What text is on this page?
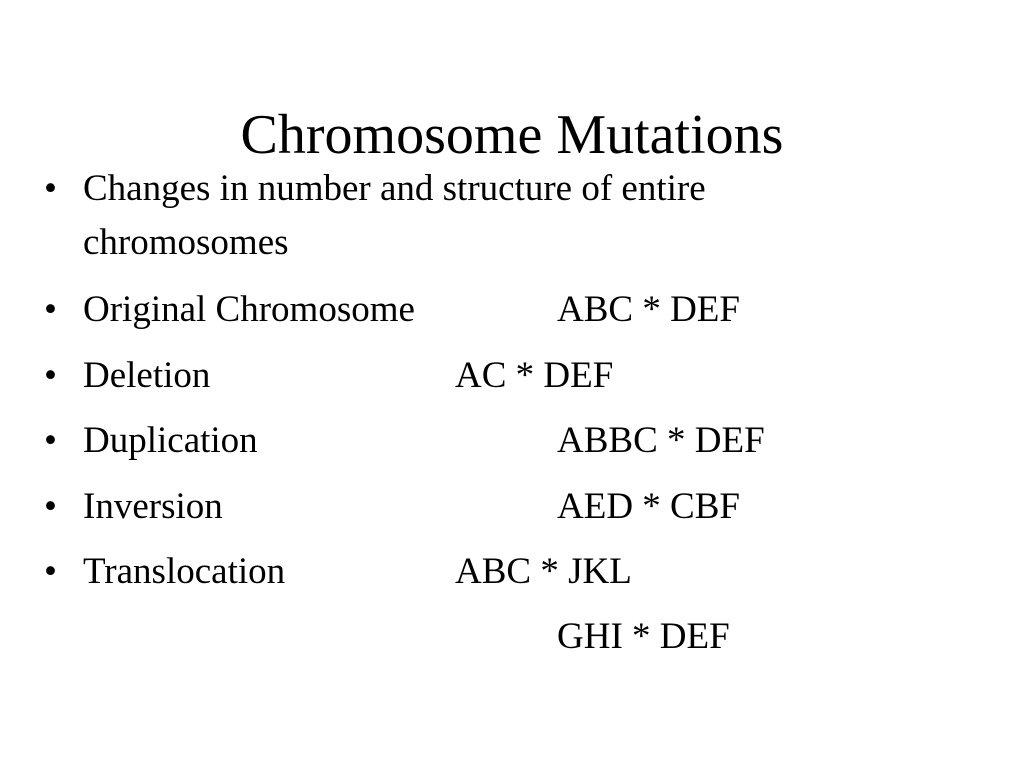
Chromosome Mutations
• Changes in number and structure of entire
chromosomes
• Original Chromosome	ABC * DEF
• Deletion	AC * DEF
• Duplication	ABBC * DEF
• Inversion	AED * CBF
• Translocation	ABC * JKL
GHI * DEF
